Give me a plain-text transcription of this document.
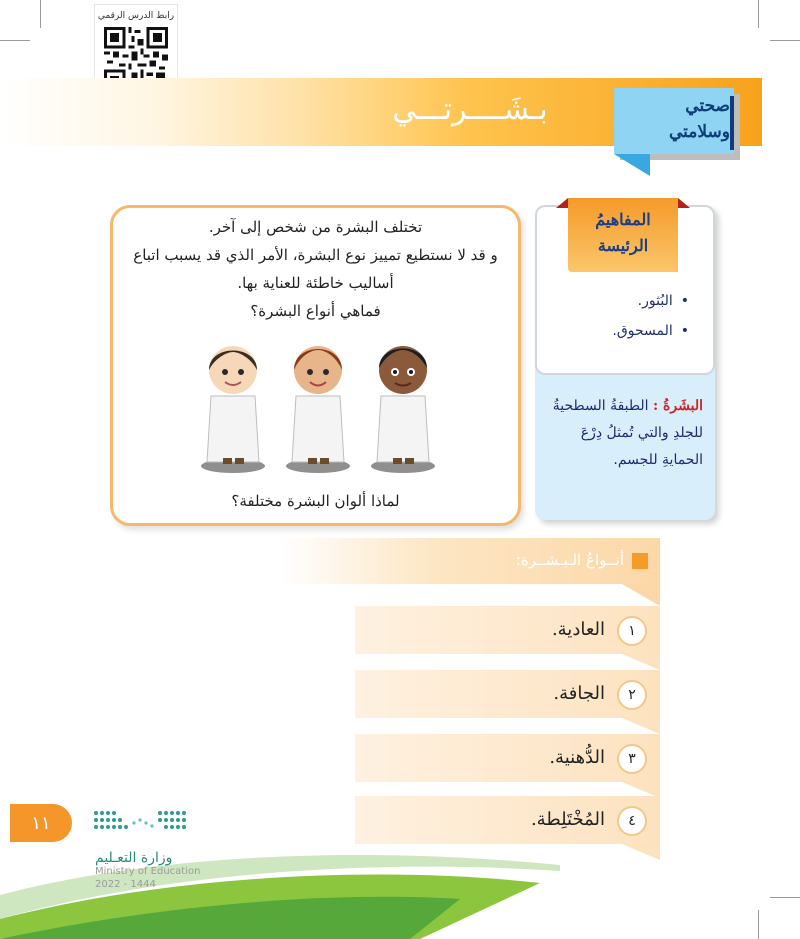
رابط الدرس الرقمي
بـشَــــرتـــي	صحتي
وسلامتي
تختلف البشرة من شخص إلى آخر.
و قد لا نستطيع تمييز نوع البشرة، الأمر الذي قد يسبب اتباع
أساليب خاطئة للعناية بها.
فماهي أنواع البشرة؟
لماذا ألوان البشرة مختلفة؟
• البُثور.
• المسحوق.
البشَرةُ : الطبقةُ السطحيةُ للجلدِ والتي تُمثلُ دِرْعَ الحمايةِ للجسم.
المفاهيمُ
الرئيسة
أنــواعُ الـبـشــرة:
١
العادية.
٢
الجافة.
٣
الدُّهنية.
٤
المُخْتَلِطة.
١١
وزارة التعـليم
Ministry of Education
2022 - 1444
